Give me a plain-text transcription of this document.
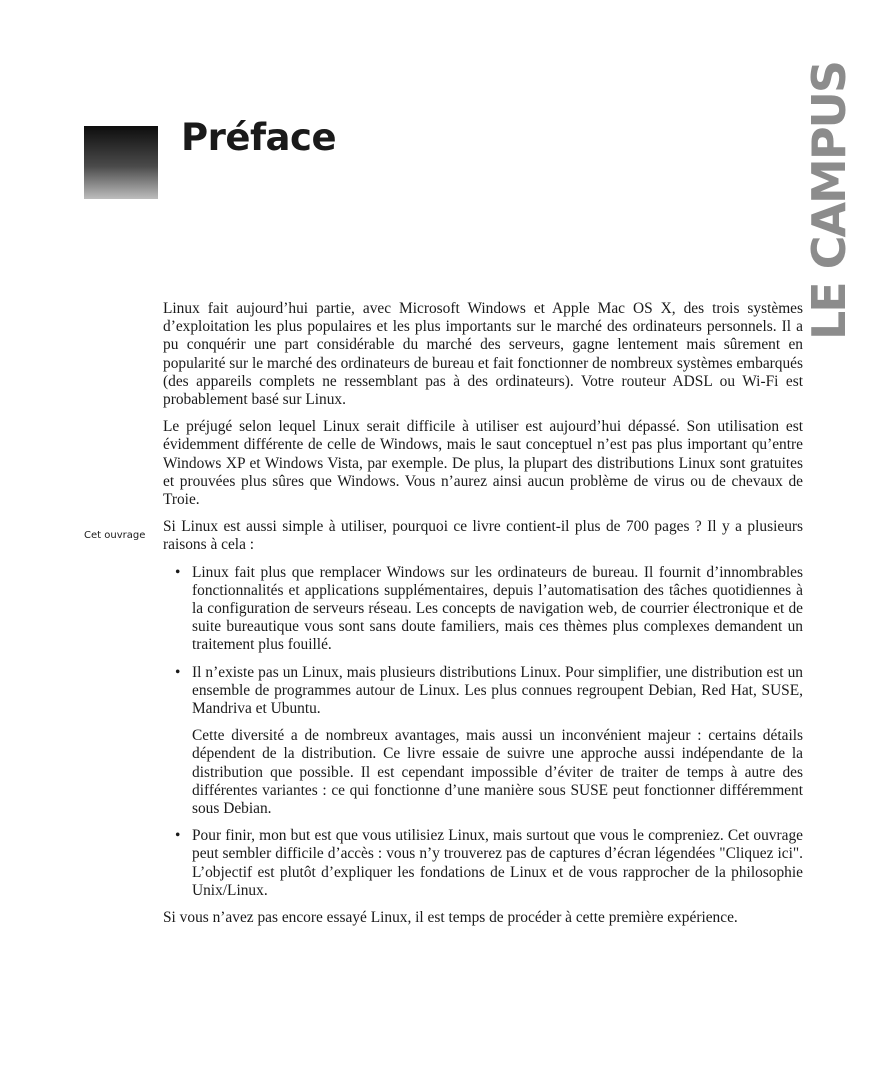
Préface	LE CAMPUS
Cet ouvrage

Linux fait aujourd’hui partie, avec Microsoft Windows et Apple Mac OS X, des trois systèmes d’exploitation les plus populaires et les plus importants sur le marché des ordinateurs personnels. Il a pu conquérir une part considérable du marché des serveurs, gagne lentement mais sûrement en popularité sur le marché des ordinateurs de bureau et fait fonctionner de nombreux systèmes embarqués (des appareils complets ne ressemblant pas à des ordinateurs). Votre routeur ADSL ou Wi-Fi est probablement basé sur Linux.

Le préjugé selon lequel Linux serait difficile à utiliser est aujourd’hui dépassé. Son utilisation est évidemment différente de celle de Windows, mais le saut conceptuel n’est pas plus important qu’entre Windows XP et Windows Vista, par exemple. De plus, la plupart des distributions Linux sont gratuites et prouvées plus sûres que Windows. Vous n’aurez ainsi aucun problème de virus ou de chevaux de Troie.

Si Linux est aussi simple à utiliser, pourquoi ce livre contient-il plus de 700 pages ? Il y a plusieurs raisons à cela :

• Linux fait plus que remplacer Windows sur les ordinateurs de bureau. Il fournit d’innombrables fonctionnalités et applications supplémentaires, depuis l’automatisation des tâches quotidiennes à la configuration de serveurs réseau. Les concepts de navigation web, de courrier électronique et de suite bureautique vous sont sans doute familiers, mais ces thèmes plus complexes demandent un traitement plus fouillé.

• Il n’existe pas un Linux, mais plusieurs distributions Linux. Pour simplifier, une distribution est un ensemble de programmes autour de Linux. Les plus connues regroupent Debian, Red Hat, SUSE, Mandriva et Ubuntu.

Cette diversité a de nombreux avantages, mais aussi un inconvénient majeur : certains détails dépendent de la distribution. Ce livre essaie de suivre une approche aussi indépendante de la distribution que possible. Il est cependant impossible d’éviter de traiter de temps à autre des différentes variantes : ce qui fonctionne d’une manière sous SUSE peut fonctionner différemment sous Debian.

• Pour finir, mon but est que vous utilisiez Linux, mais surtout que vous le compreniez. Cet ouvrage peut sembler difficile d’accès : vous n’y trouverez pas de captures d’écran légendées "Cliquez ici". L’objectif est plutôt d’expliquer les fondations de Linux et de vous rapprocher de la philosophie Unix/Linux.

Si vous n’avez pas encore essayé Linux, il est temps de procéder à cette première expérience.
